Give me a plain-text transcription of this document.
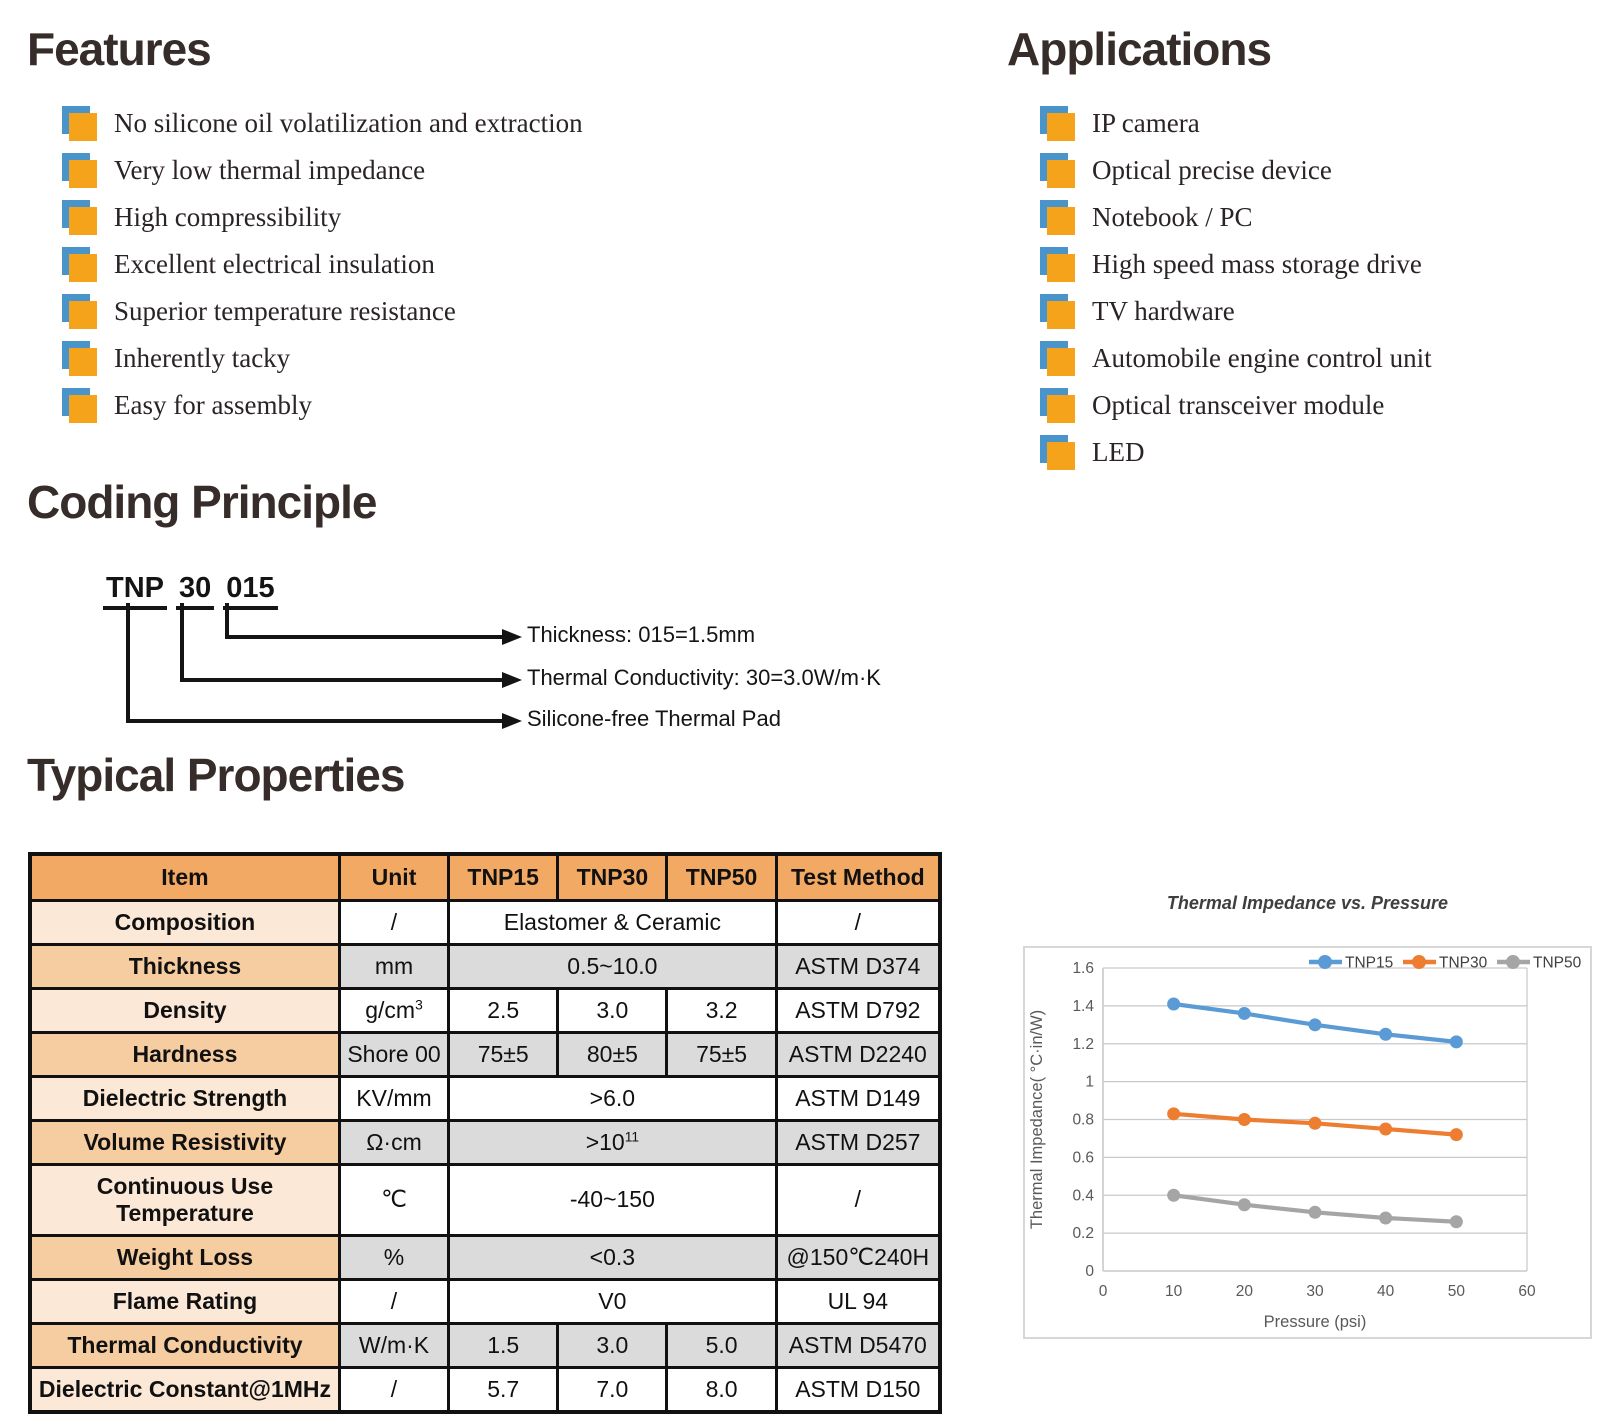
Features	Applications
No silicone oil volatilization and extraction
Very low thermal impedance
High compressibility
Excellent electrical insulation
Superior temperature resistance
Inherently tacky
Easy for assembly
IP camera
Optical precise device
Notebook / PC
High speed mass storage drive
TV hardware
Automobile engine control unit
Optical transceiver module
LED
Coding Principle
TNP 30 015
Thickness: 015=1.5mm
Thermal Conductivity: 30=3.0W/m·K
Silicone-free Thermal Pad
Typical Properties
Item	Unit	TNP15	TNP30	TNP50	Test Method
Composition	/	Elastomer & Ceramic			/
Thickness	mm	0.5~10.0			ASTM D374
Density	$g/cm^3$	2.5	3.0	3.2	ASTM D792
Hardness	Shore 00	75±5	80±5	75±5	ASTM D2240
Dielectric Strength	KV/mm	>6.0			ASTM D149
Volume Resistivity	Ω·cm	$>10^{11}$			ASTM D257
Continuous Use
Temperature	℃	-40~150			/
Weight Loss	%	<0.3			@150℃240H
Flame Rating	/	V0			UL 94
Thermal Conductivity	W/m·K	1.5	3.0	5.0	ASTM D5470
Dielectric Constant@1MHz	/	5.7	7.0	8.0	ASTM D150
Thermal Impedance vs. Pressure
0
0.2
0.4
0.6
0.8
1
1.2
1.4
1.6
0	10	20	30	40	50	60
Pressure (psi)
Thermal Impedance( °C·in/W)
TNP15	TNP30	TNP50
